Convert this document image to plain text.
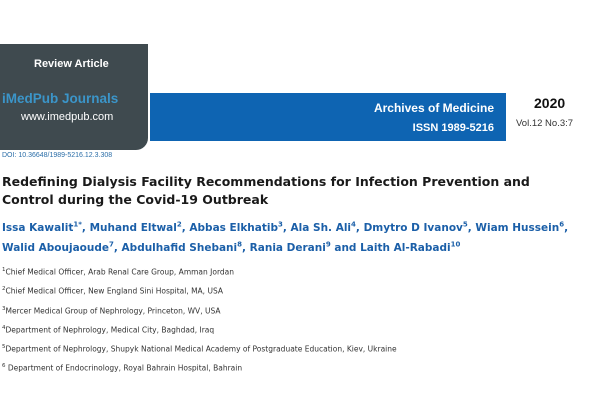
Review Article
iMedPub Journals
www.imedpub.com
Archives of Medicine
ISSN 1989-5216
2020
Vol.12 No.3:7
DOI: 10.36648/1989-5216.12.3.308
Redefining Dialysis Facility Recommendations for Infection Prevention and Control during the Covid-19 Outbreak

Issa Kawalit$^{1*}$, Muhand Eltwal$^2$, Abbas Elkhatib$^3$, Ala Sh. Ali$^4$, Dmytro D Ivanov$^5$, Wiam Hussein$^6$, Walid Aboujaoude$^7$, Abdulhafid Shebani$^8$, Rania Derani$^9$ and Laith Al-Rabadi$^{10}$

$^1$Chief Medical Officer, Arab Renal Care Group, Amman Jordan
$^2$Chief Medical Officer, New England Sini Hospital, MA, USA
$^3$Mercer Medical Group of Nephrology, Princeton, WV, USA
$^4$Department of Nephrology, Medical City, Baghdad, Iraq
$^5$Department of Nephrology, Shupyk National Medical Academy of Postgraduate Education, Kiev, Ukraine
$^6$ Department of Endocrinology, Royal Bahrain Hospital, Bahrain
